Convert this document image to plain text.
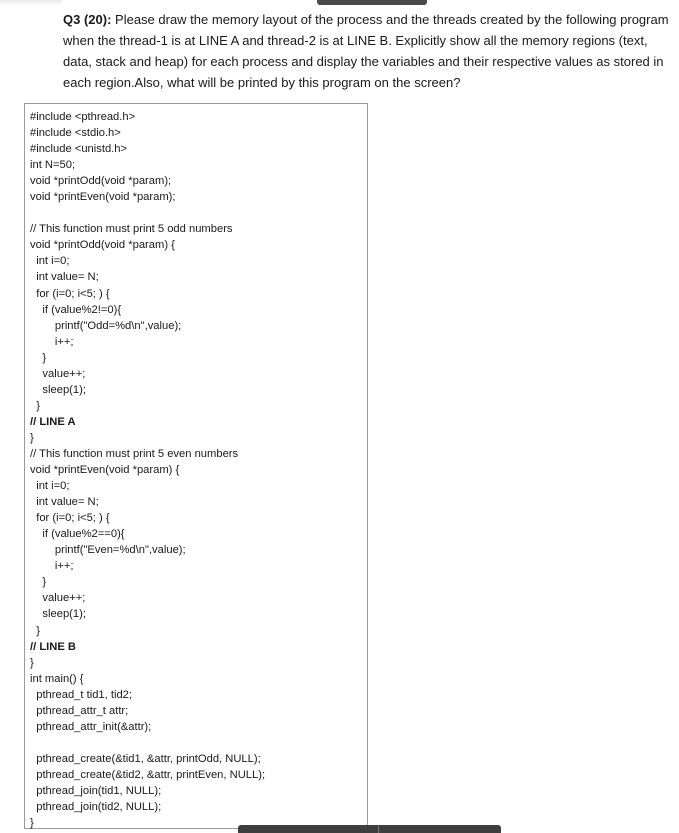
Q3 (20): Please draw the memory layout of the process and the threads created by the following program when the thread-1 is at LINE A and thread-2 is at LINE B. Explicitly show all the memory regions (text, data, stack and heap) for each process and display the variables and their respective values as stored in each region.Also, what will be printed by this program on the screen?
#include <pthread.h>
#include <stdio.h>
#include <unistd.h>
int N=50;
void *printOdd(void *param);
void *printEven(void *param);
// This function must print 5 odd numbers
void *printOdd(void *param) {
int i=0;
int value= N;
for (i=0; i<5; ) {
if (value%2!=0){
printf("Odd=%d\n",value);
i++;
}
value++;
sleep(1);
}
// LINE A
}
// This function must print 5 even numbers
void *printEven(void *param) {
int i=0;
int value= N;
for (i=0; i<5; ) {
if (value%2==0){
printf("Even=%d\n",value);
i++;
}
value++;
sleep(1);
}
// LINE B
}
int main() {
pthread_t tid1, tid2;
pthread_attr_t attr;
pthread_attr_init(&attr);
pthread_create(&tid1, &attr, printOdd, NULL);
pthread_create(&tid2, &attr, printEven, NULL);
pthread_join(tid1, NULL);
pthread_join(tid2, NULL);
}
